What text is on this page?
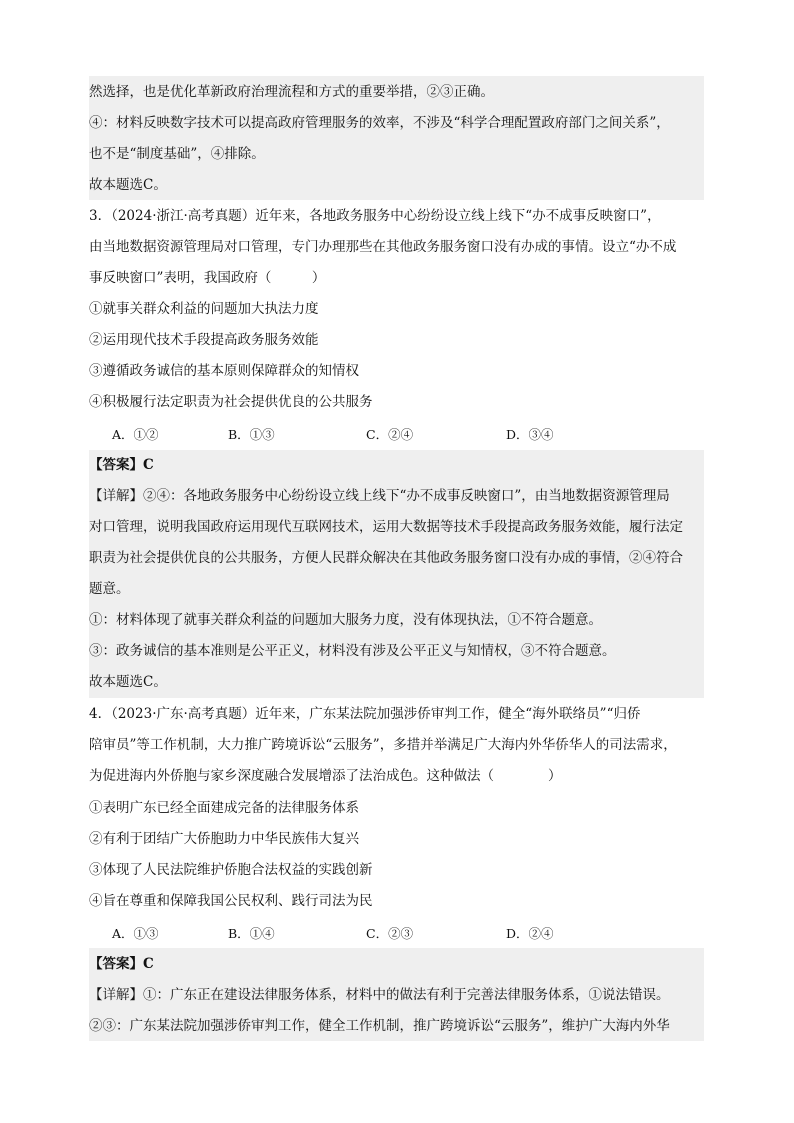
然选择，也是优化革新政府治理流程和方式的重要举措，②③正确。
④：材料反映数字技术可以提高政府管理服务的效率，不涉及“科学合理配置政府部门之间关系”，
也不是“制度基础”，④排除。
故本题选C。
3．（2024·浙江·高考真题）近年来，各地政务服务中心纷纷设立线上线下“办不成事反映窗口”，
由当地数据资源管理局对口管理，专门办理那些在其他政务服务窗口没有办成的事情。设立“办不成
事反映窗口”表明，我国政府（　　　）
①就事关群众利益的问题加大执法力度
②运用现代技术手段提高政务服务效能
③遵循政务诚信的基本原则保障群众的知情权
④积极履行法定职责为社会提供优良的公共服务
A．①②	B．①③	C．②④	D．③④
【答案】C
【详解】②④：各地政务服务中心纷纷设立线上线下“办不成事反映窗口”，由当地数据资源管理局
对口管理，说明我国政府运用现代互联网技术，运用大数据等技术手段提高政务服务效能，履行法定
职责为社会提供优良的公共服务，方便人民群众解决在其他政务服务窗口没有办成的事情，②④符合
题意。
①：材料体现了就事关群众利益的问题加大服务力度，没有体现执法，①不符合题意。
③：政务诚信的基本准则是公平正义，材料没有涉及公平正义与知情权，③不符合题意。
故本题选C。
4．（2023·广东·高考真题）近年来，广东某法院加强涉侨审判工作，健全“海外联络员”“归侨
陪审员”等工作机制，大力推广跨境诉讼“云服务”，多措并举满足广大海内外华侨华人的司法需求，
为促进海内外侨胞与家乡深度融合发展增添了法治成色。这种做法（　　　　）
①表明广东已经全面建成完备的法律服务体系
②有利于团结广大侨胞助力中华民族伟大复兴
③体现了人民法院维护侨胞合法权益的实践创新
④旨在尊重和保障我国公民权利、践行司法为民
A．①③	B．①④	C．②③	D．②④
【答案】C
【详解】①：广东正在建设法律服务体系，材料中的做法有利于完善法律服务体系，①说法错误。
②③：广东某法院加强涉侨审判工作，健全工作机制，推广跨境诉讼“云服务”，维护广大海内外华
